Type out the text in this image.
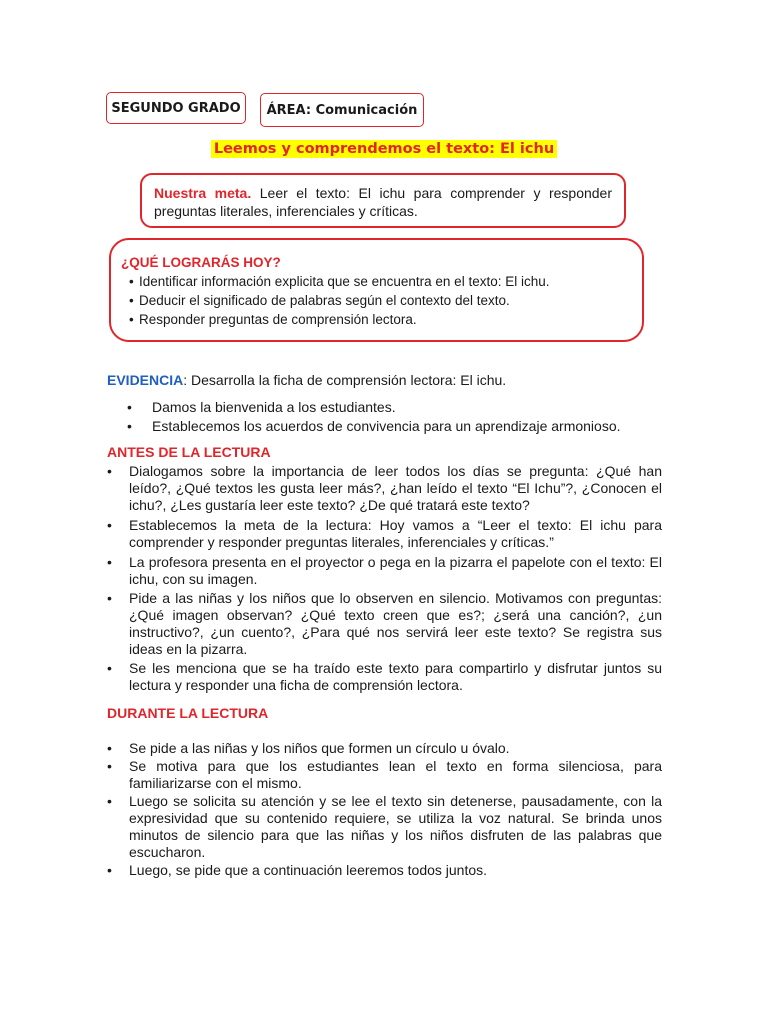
SEGUNDO GRADO ÁREA: Comunicación
Leemos y comprendemos el texto: El ichu
Nuestra meta. Leer el texto: El ichu para comprender y responder preguntas literales, inferenciales y críticas.
¿QUÉ LOGRARÁS HOY?
• Identificar información explicita que se encuentra en el texto: El ichu.
• Deducir el significado de palabras según el contexto del texto.
• Responder preguntas de comprensión lectora.
EVIDENCIA: Desarrolla la ficha de comprensión lectora: El ichu.
•	Damos la bienvenida a los estudiantes.
•	Establecemos los acuerdos de convivencia para un aprendizaje armonioso.
ANTES DE LA LECTURA
•	Dialogamos sobre la importancia de leer todos los días se pregunta: ¿Qué han leído?, ¿Qué textos les gusta leer más?, ¿han leído el texto “El Ichu”?, ¿Conocen el ichu?, ¿Les gustaría leer este texto? ¿De qué tratará este texto?
•	Establecemos la meta de la lectura: Hoy vamos a “Leer el texto: El ichu para comprender y responder preguntas literales, inferenciales y críticas.”
•	La profesora presenta en el proyector o pega en la pizarra el papelote con el texto: El ichu, con su imagen.
•	Pide a las niñas y los niños que lo observen en silencio. Motivamos con preguntas: ¿Qué imagen observan? ¿Qué texto creen que es?; ¿será una canción?, ¿un instructivo?, ¿un cuento?, ¿Para qué nos servirá leer este texto? Se registra sus ideas en la pizarra.
•	Se les menciona que se ha traído este texto para compartirlo y disfrutar juntos su lectura y responder una ficha de comprensión lectora.
DURANTE LA LECTURA
•	Se pide a las niñas y los niños que formen un círculo u óvalo.
•	Se motiva para que los estudiantes lean el texto en forma silenciosa, para familiarizarse con el mismo.
•	Luego se solicita su atención y se lee el texto sin detenerse, pausadamente, con la expresividad que su contenido requiere, se utiliza la voz natural. Se brinda unos minutos de silencio para que las niñas y los niños disfruten de las palabras que escucharon.
•	Luego, se pide que a continuación leeremos todos juntos.
